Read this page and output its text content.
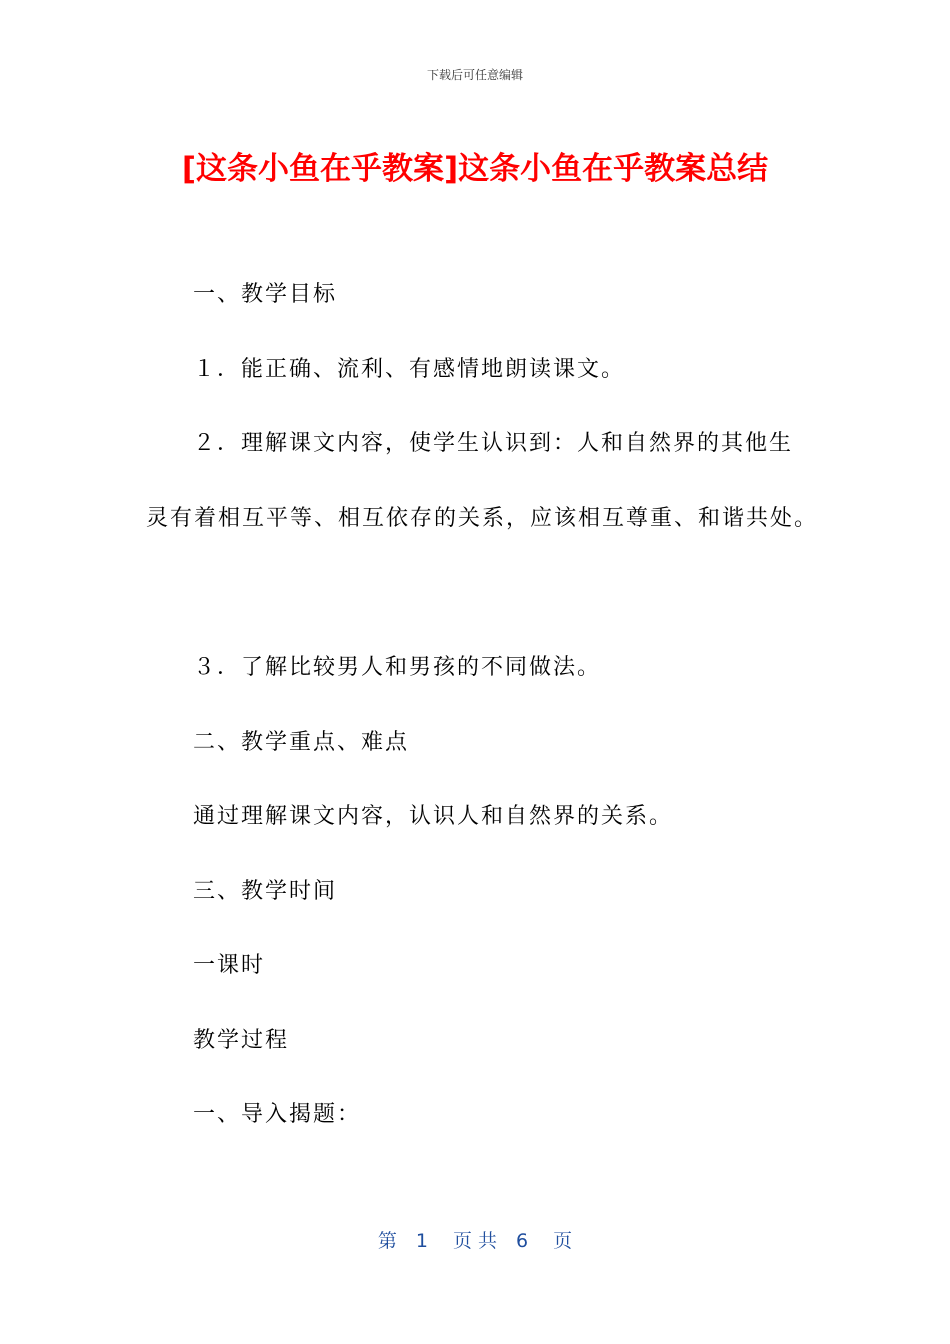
下载后可任意编辑
[这条小鱼在乎教案]这条小鱼在乎教案总结
一、教学目标
１．能正确、流利、有感情地朗读课文。
２．理解课文内容，使学生认识到：人和自然界的其他生
灵有着相互平等、相互依存的关系，应该相互尊重、和谐共处。
３．了解比较男人和男孩的不同做法。
二、教学重点、难点
通过理解课文内容，认识人和自然界的关系。
三、教学时间
一课时
教学过程
一、导入揭题：
第　1　 页 共　6　 页
